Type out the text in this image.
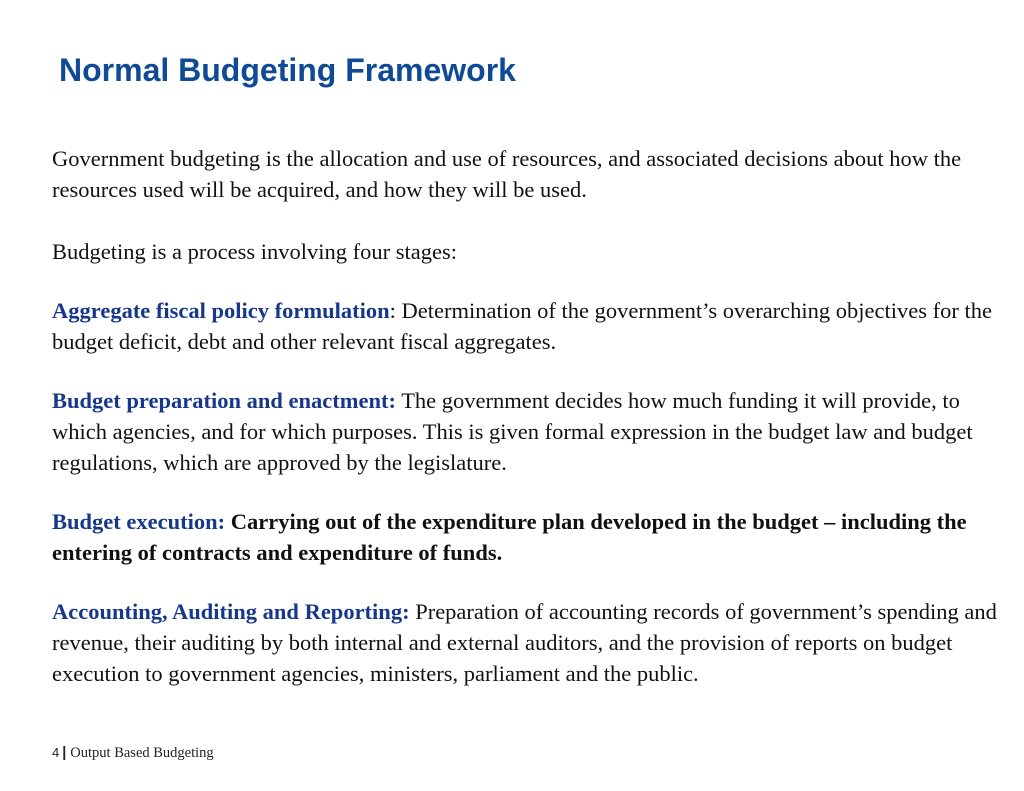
Normal Budgeting Framework

Government budgeting is the allocation and use of resources, and associated decisions about how the resources used will be acquired, and how they will be used.

Budgeting is a process involving four stages:

Aggregate fiscal policy formulation: Determination of the government’s overarching objectives for the budget deficit, debt and other relevant fiscal aggregates.

Budget preparation and enactment: The government decides how much funding it will provide, to which agencies, and for which purposes. This is given formal expression in the budget law and budget regulations, which are approved by the legislature.

Budget execution: Carrying out of the expenditure plan developed in the budget – including the entering of contracts and expenditure of funds.

Accounting, Auditing and Reporting: Preparation of accounting records of government’s spending and revenue, their auditing by both internal and external auditors, and the provision of reports on budget execution to government agencies, ministers, parliament and the public.

4 | Output Based Budgeting
